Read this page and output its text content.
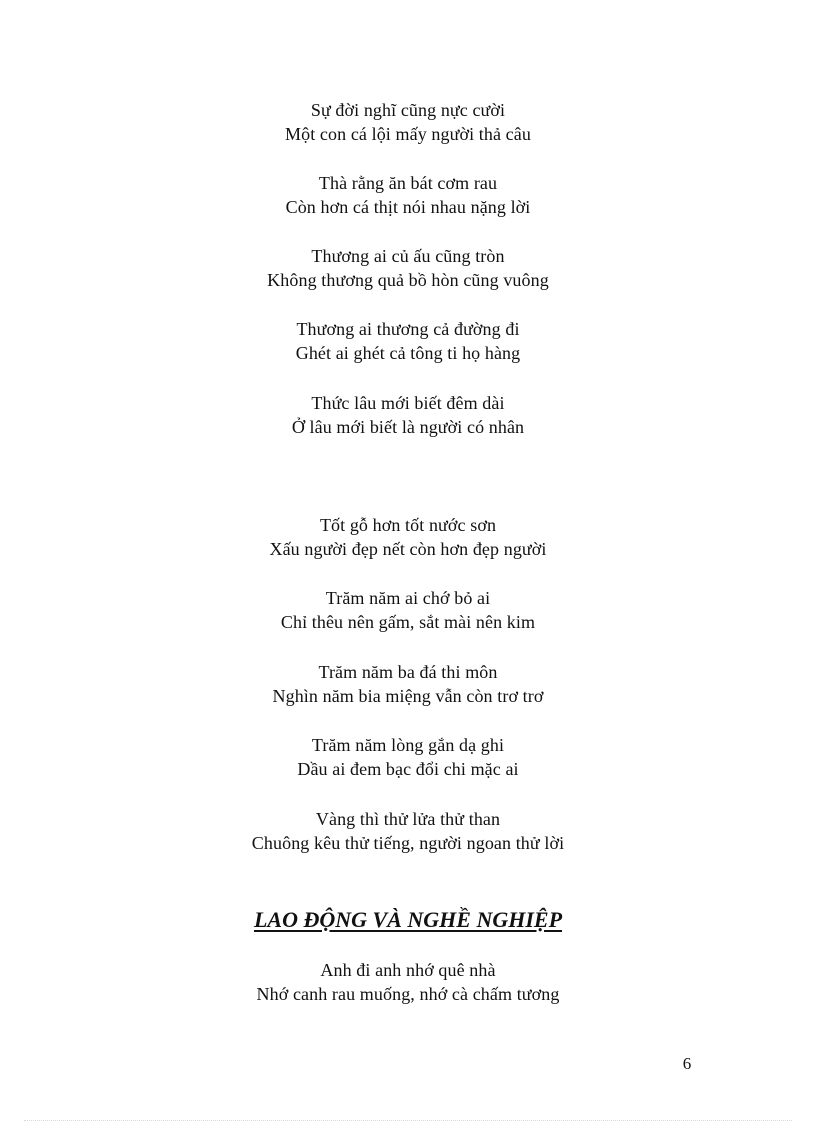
Sự đời nghĩ cũng nực cười
Một con cá lội mấy người thả câu
Thà rằng ăn bát cơm rau
Còn hơn cá thịt nói nhau nặng lời
Thương ai củ ấu cũng tròn
Không thương quả bồ hòn cũng vuông
Thương ai thương cả đường đi
Ghét ai ghét cả tông ti họ hàng
Thức lâu mới biết đêm dài
Ở lâu mới biết là người có nhân
Tốt gỗ hơn tốt nước sơn
Xấu người đẹp nết còn hơn đẹp người
Trăm năm ai chớ bỏ ai
Chỉ thêu nên gấm, sắt mài nên kim
Trăm năm ba đá thi môn
Nghìn năm bia miệng vẫn còn trơ trơ
Trăm năm lòng gắn dạ ghi
Dầu ai đem bạc đổi chi mặc ai
Vàng thì thử lửa thử than
Chuông kêu thử tiếng, người ngoan thử lời
LAO ĐỘNG VÀ NGHỀ NGHIỆP
Anh đi anh nhớ quê nhà
Nhớ canh rau muống, nhớ cà chấm tương
6
